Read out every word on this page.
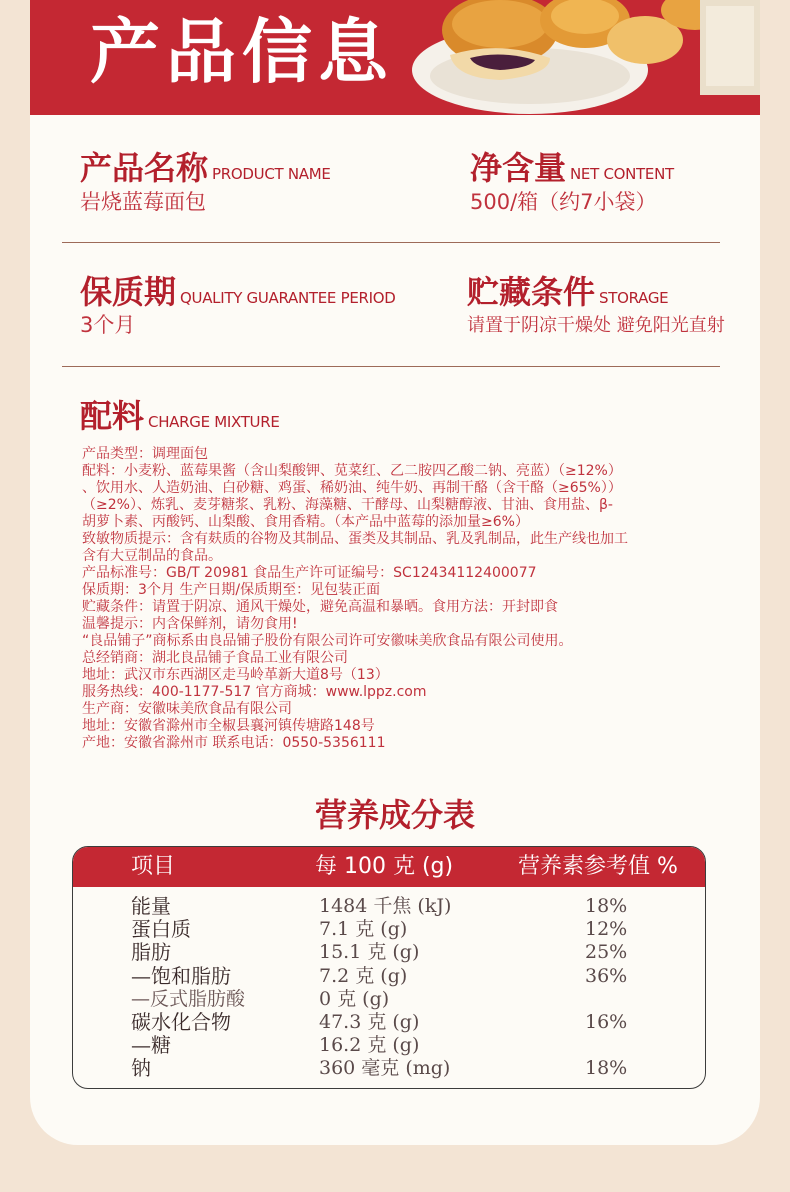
产品信息
产品名称 PRODUCT NAME
岩烧蓝莓面包
净含量 NET CONTENT
500/箱（约7小袋）
保质期 QUALITY GUARANTEE PERIOD
3个月
贮藏条件 STORAGE
请置于阴凉干燥处 避免阳光直射
配料 CHARGE MIXTURE
产品类型：调理面包
配料：小麦粉、蓝莓果酱（含山梨酸钾、苋菜红、乙二胺四乙酸二钠、亮蓝）（≥12%）
、饮用水、人造奶油、白砂糖、鸡蛋、稀奶油、纯牛奶、再制干酪（含干酪（≥65%））
（≥2%）、炼乳、麦芽糖浆、乳粉、海藻糖、干酵母、山梨糖醇液、甘油、食用盐、β-
胡萝卜素、丙酸钙、山梨酸、食用香精。（本产品中蓝莓的添加量≥6%）
致敏物质提示：含有麸质的谷物及其制品、蛋类及其制品、乳及乳制品，此生产线也加工
含有大豆制品的食品。
产品标准号：GB/T 20981 食品生产许可证编号：SC12434112400077
保质期：3个月 生产日期/保质期至：见包装正面
贮藏条件：请置于阴凉、通风干燥处，避免高温和暴晒。食用方法：开封即食
温馨提示：内含保鲜剂，请勿食用!
“良品铺子”商标系由良品铺子股份有限公司许可安徽味美欣食品有限公司使用。
总经销商：湖北良品铺子食品工业有限公司
地址：武汉市东西湖区走马岭革新大道8号（13）
服务热线：400-1177-517 官方商城：www.lppz.com
生产商：安徽味美欣食品有限公司
地址：安徽省滁州市全椒县襄河镇传塘路148号
产地：安徽省滁州市 联系电话：0550-5356111
营养成分表
项目	每 100 克 (g)	营养素参考值 %
能量	1484 千焦 (kJ)	18%
蛋白质	7.1 克 (g)	12%
脂肪	15.1 克 (g)	25%
—饱和脂肪	7.2 克 (g)	36%
—反式脂肪酸	0 克 (g)
碳水化合物	47.3 克 (g)	16%
—糖	16.2 克 (g)
钠	360 毫克 (mg)	18%
